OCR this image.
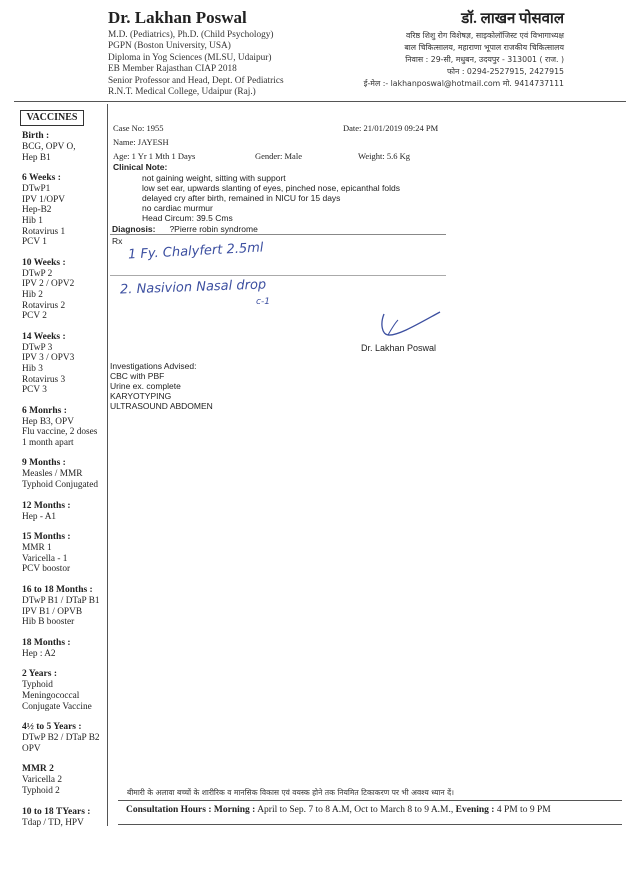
Dr. Lakhan Poswal
M.D. (Pediatrics), Ph.D. (Child Psychology)
PGPN (Boston University, USA)
Diploma in Yog Sciences (MLSU, Udaipur)
EB Member Rajasthan CIAP 2018
Senior Professor and Head, Dept. Of Pediatrics
R.N.T. Medical College, Udaipur (Raj.)
डॉ. लाखन पोसवाल
वरिष्ठ शिशु रोग विशेषज्ञ, साइकोलॉजिस्ट एवं विभागाध्यक्ष
बाल चिकित्सालय, महाराणा भूपाल राजकीय चिकित्सालय
निवास : 29-सी, मधुबन, उदयपुर - 313001 ( राज. )
फोन : 0294-2527915, 2427915
ई-मेल :- lakhanposwal@hotmail.com मो. 9414737111
VACCINES
Birth :
BCG, OPV O,
Hep B1
6 Weeks :
DTwP1
IPV 1/OPV
Hep-B2
Hib 1
Rotavirus 1
PCV 1
10 Weeks :
DTwP 2
IPV 2 / OPV2
Hib 2
Rotavirus 2
PCV 2
14 Weeks :
DTwP 3
IPV 3 / OPV3
Hib 3
Rotavirus 3
PCV 3
6 Monrhs :
Hep B3, OPV
Flu vaccine, 2 doses
1 month apart
9 Months :
Measles / MMR
Typhoid Conjugated
12 Months :
Hep - A1
15 Months :
MMR 1
Varicella - 1
PCV boostor
16 to 18 Months :
DTwP B1 / DTaP B1
IPV B1 / OPVB
Hib B booster
18 Months :
Hep : A2
2 Years :
Typhoid
Meningococcal
Conjugate Vaccine
4½ to 5 Years :
DTwP B2 / DTaP B2
OPV
MMR 2
Varicella 2
Typhoid 2
10 to 18 TYears :
Tdap / TD, HPV
Case No: 1955	Date: 21/01/2019 09:24 PM
Name: JAYESH
Age: 1 Yr 1 Mth 1 Days	Gender: Male	Weight: 5.6 Kg
Clinical Note:
not gaining weight, sitting with support
low set ear, upwards slanting of eyes, pinched nose, epicanthal folds
delayed cry after birth, remained in NICU for 15 days
no cardiac murmur
Head Circum: 39.5 Cms
Diagnosis: ?Pierre robin syndrome
Rx 1 Fy. Chalyfert 2.5ml
2. Nasivion Nasal drop
c-1
Dr. Lakhan Poswal
Investigations Advised:
CBC with PBF
Urine ex. complete
KARYOTYPING
ULTRASOUND ABDOMEN
बीमारी के अलावा बच्चों के शारीरिक व मानसिक विकास एवं वयस्क होने तक नियमित टिकाकरण पर भी अवश्य ध्यान दें।
Consultation Hours : Morning : April to Sep. 7 to 8 A.M, Oct to March 8 to 9 A.M., Evening : 4 PM to 9 PM
